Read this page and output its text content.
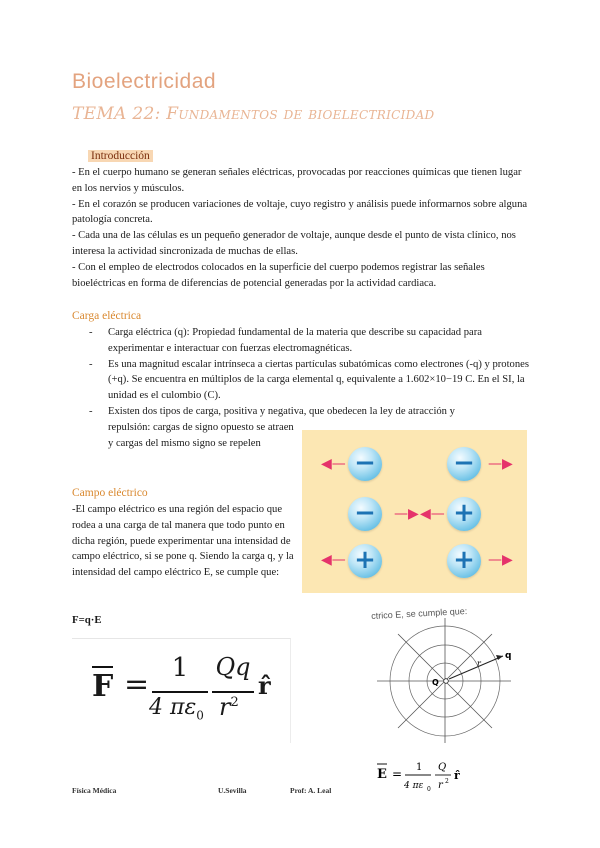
Bioelectricidad
TEMA 22: Fundamentos de bioelectricidad
Introducción

- En el cuerpo humano se generan señales eléctricas, provocadas por reacciones químicas que tienen lugar en los nervios y músculos.

- En el corazón se producen variaciones de voltaje, cuyo registro y análisis puede informarnos sobre alguna patología concreta.

- Cada una de las células es un pequeño generador de voltaje, aunque desde el punto de vista clínico, nos interesa la actividad sincronizada de muchas de ellas.

- Con el empleo de electrodos colocados en la superficie del cuerpo podemos registrar las señales bioeléctricas en forma de diferencias de potencial generadas por la actividad cardiaca.

Carga eléctrica
- Carga eléctrica (q): Propiedad fundamental de la materia que describe su capacidad para experimentar e interactuar con fuerzas electromagnéticas.
- Es una magnitud escalar intrínseca a ciertas partículas subatómicas como electrones (-q) y protones (+q). Se encuentra en múltiplos de la carga elemental q, equivalente a 1.602×10−19 C. En el SI, la unidad es el culombio (C).
- Existen dos tipos de carga, positiva y negativa, que obedecen la ley de atracción y
repulsión: cargas de signo opuesto se atraen y cargas del mismo signo se repelen
◀— −	− —▶
−	—▶ ◀— +
◀— +	+ —▶
Campo eléctrico
-El campo eléctrico es una región del espacio que rodea a una carga de tal manera que todo punto en dicha región, puede experimentar una intensidad de campo eléctrico, si se pone q. Siendo la carga q, y la intensidad del campo eléctrico E, se cumple que:
F=q·E
F = 1
4 $\pi\varepsilon_0$
Qq
$r^2$
r̂
ctrico E, se cumple que:
Q
q
r
E = 1
4 πε 0
Q
r 2 r̂
Física Médica	U.Sevilla	Prof: A. Leal
